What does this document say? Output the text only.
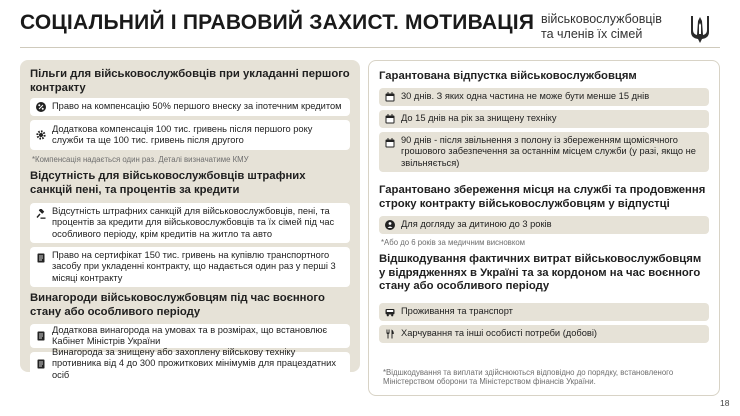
СОЦІАЛЬНИЙ І ПРАВОВИЙ ЗАХИСТ. МОТИВАЦІЯ військовослужбовців
та членів їх сімей
Пільги для військовослужбовців при укладанні першого контракту
Право на компенсацію 50% першого внеску за іпотечним кредитом
Додаткова компенсація 100 тис. гривень після першого року служби та ще 100 тис. гривень після другого
*Компенсація надається один раз. Деталі визначатиме КМУ
Відсутність для військовослужбовців штрафних санкцій пені, та процентів за кредити
Відсутність штрафних санкцій для військовослужбовців, пені, та процентів за кредити для військовослужбовців та їх сімей під час особливого періоду, крім кредитів на житло та авто
Право на сертифікат 150 тис. гривень на купівлю транспортного засобу при укладенні контракту, що надається один раз у перші 3 місяці контракту
Винагороди військовослужбовцям під час воєнного стану або особливого періоду
Додаткова винагорода на умовах та в розмірах, що встановлює Кабінет Міністрів України
Винагорода за знищену або захоплену військову техніку противника від 4 до 300 прожиткових мінімумів для працездатних осіб
Гарантована відпустка військовослужбовцям
30 днів. З яких одна частина не може бути менше 15 днів
До 15 днів на рік за знищену техніку
90 днів - після звільнення з полону із збереженням щомісячного грошового забезпечення за останнім місцем служби (у разі, якщо не звільняється)
Гарантовано збереження місця на службі та продовження строку контракту військовослужбовцям у відпустці
Для догляду за дитиною до 3 років
*Або до 6 років за медичним висновком
Відшкодування фактичних витрат військовослужбовцям у відрядженнях в Україні та за кордоном на час воєнного стану або особливого періоду
Проживання та транспорт
Харчування та інші особисті потреби (добові)
*Відшкодування та виплати здійснюються відповідно до порядку, встановленого Міністерством оборони та Міністерством фінансів України.
18
